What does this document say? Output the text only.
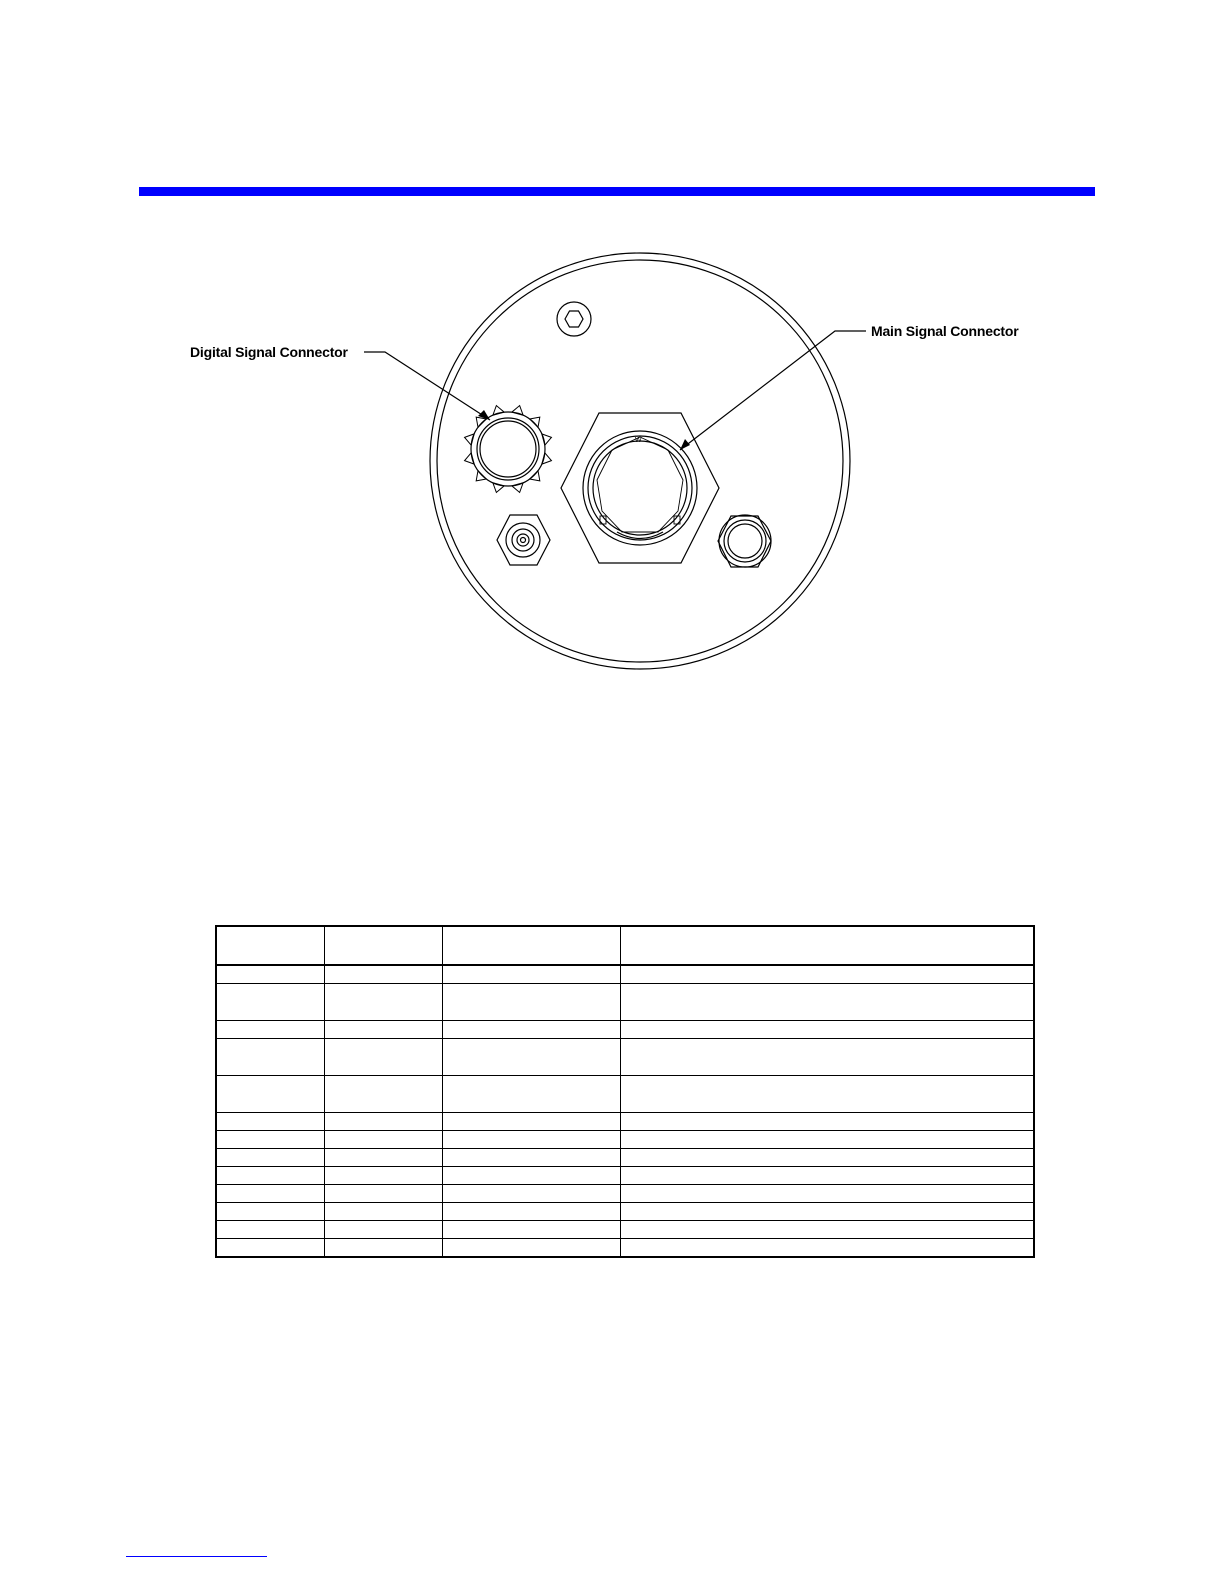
W
Digital Signal Connector
Main Signal Connector
